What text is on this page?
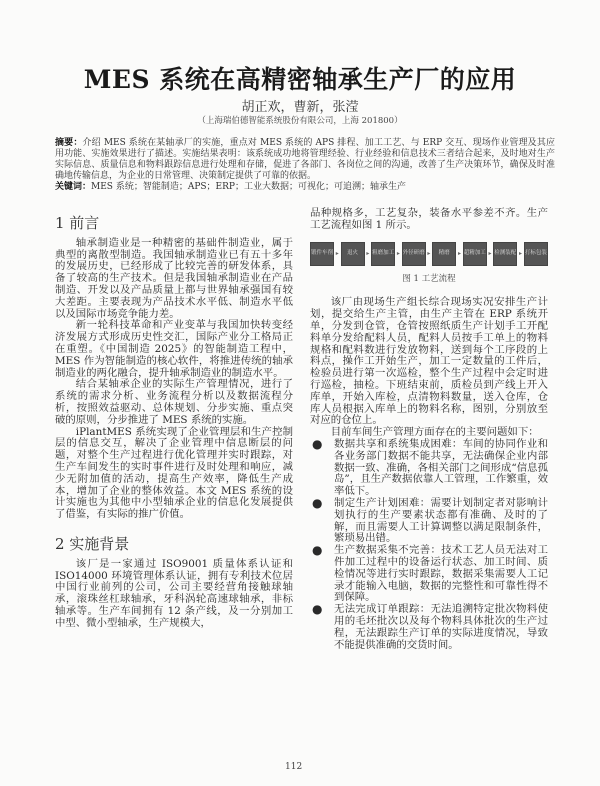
MES 系统在高精密轴承生产厂的应用
胡正欢，曹新，张滢
（上海瑞伯德智能系统股份有限公司，上海 201800）
摘要：介绍 MES 系统在某轴承厂的实施，重点对 MES 系统的 APS 排程、加工工艺、与 ERP 交互、现场作业管理及其应用功能、实施效果进行了描述。实施结果表明：该系统成功地将管理经验、行业经验和信息技术三者结合起来，及时地对生产实际信息、质量信息和物料跟踪信息进行处理和存储，促进了各部门、各岗位之间的沟通，改善了生产决策环节，确保及时准确地传输信息，为企业的日常管理、决策制定提供了可靠的依据。
关键词：MES 系统；智能制造；APS；ERP；工业大数据；可视化；可追溯；轴承生产
1 前言

轴承制造业是一种精密的基础件制造业，属于典型的离散型制造。我国轴承制造业已有五十多年的发展历史，已经形成了比较完善的研发体系，具备了较高的生产技术。但是我国轴承制造业在产品制造、开发以及产品质量上都与世界轴承强国有较大差距。主要表现为产品技术水平低、制造水平低以及国际市场竞争能力差。

新一轮科技革命和产业变革与我国加快转变经济发展方式形成历史性交汇，国际产业分工格局正在重塑。《中国制造 2025》的智能制造工程中，MES 作为智能制造的核心软件，将推进传统的轴承制造业的两化融合，提升轴承制造业的制造水平。

结合某轴承企业的实际生产管理情况，进行了系统的需求分析、业务流程分析以及数据流程分析，按照效益驱动、总体规划、分步实施、重点突破的原则，分步推进了 MES 系统的实施。

iPlantMES 系统实现了企业管理层和生产控制层的信息交互，解决了企业管理中信息断层的问题，对整个生产过程进行优化管理并实时跟踪，对生产车间发生的实时事件进行及时处理和响应，减少无附加值的活动，提高生产效率，降低生产成本，增加了企业的整体效益。本文 MES 系统的设计实施也为其他中小型轴承企业的信息化发展提供了借鉴，有实际的推广价值。

2 实施背景

该厂是一家通过 ISO9001 质量体系认证和 ISO14000 环境管理体系认证，拥有专利技术位居中国行业前列的公司，公司主要经营角接触球轴承，滚珠丝杠球轴承，牙科涡轮高速球轴承，非标轴承等。生产车间拥有 12 条产线，及一分别加工中型、微小型轴承，生产规模大，

品种规格多，工艺复杂，装备水平参差不齐。生产工艺流程如图 1 所示。

锻件车削 ▸	退火	▸ 粗磨加工 ▸ 外径研磨 ▸	精磨	▸ 超精加工 ▸ 检测装配 ▸ 打标包装
图 1 工艺流程

该厂由现场生产组长综合现场实况安排生产计划，提交给生产主管，由生产主管在 ERP 系统开单，分发到仓管，仓管按照纸质生产计划手工开配料单分发给配料人员，配料人员按手工单上的物料规格和配料数进行发放物料，送到每个工序段的上料点，操作工开始生产，加工一定数量的工件后，检验员进行第一次巡检，整个生产过程中会定时进行巡检，抽检。下班结束前，质检员到产线上开入库单，开始入库检，点清物料数量，送入仓库，仓库人员根据入库单上的物料名称，图别，分别放至对应的仓位上。

目前车间生产管理方面存在的主要问题如下：

● 数据共享和系统集成困难：车间的协同作业和各业务部门数据不能共享，无法确保企业内部数据一致、准确，各相关部门之间形成“信息孤岛”，且生产数据依靠人工管理，工作繁重，效率低下。
● 制定生产计划困难：需要计划制定者对影响计划执行的生产要素状态都有准确、及时的了解，而且需要人工计算调整以满足限制条件，繁琐易出错。
● 生产数据采集不完善：技术工艺人员无法对工件加工过程中的设备运行状态、加工时间、质检情况等进行实时跟踪，数据采集需要人工记录才能输入电脑，数据的完整性和可靠性得不到保障。
● 无法完成订单跟踪：无法追溯特定批次物料使用的毛坯批次以及每个物料具体批次的生产过程，无法跟踪生产订单的实际进度情况，导致不能提供准确的交货时间。
112
